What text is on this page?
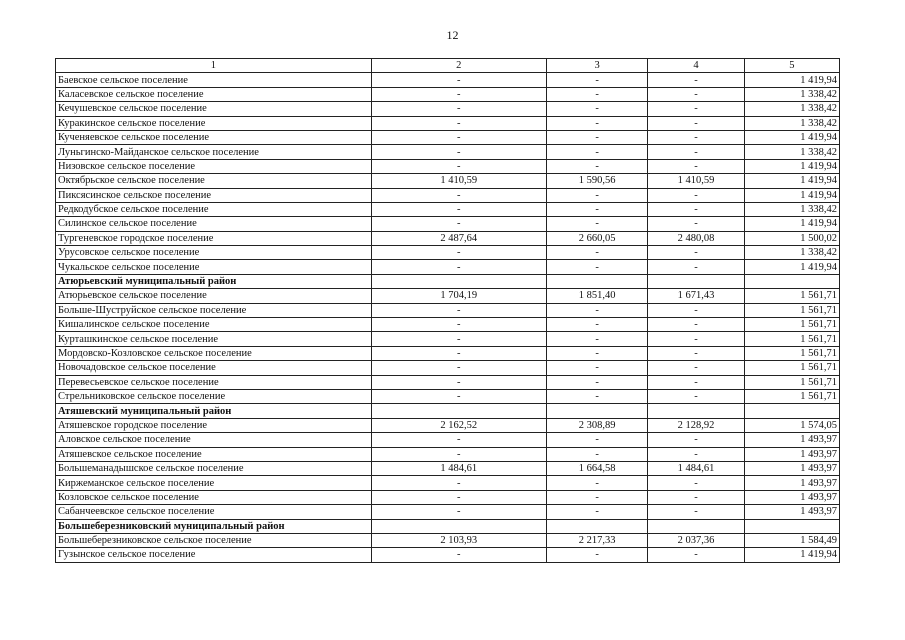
12
1	2	3	4	5
Баевское сельское поселение	-	-	-	1 419,94
Каласевское сельское поселение	-	-	-	1 338,42
Кечушевское сельское поселение	-	-	-	1 338,42
Куракинское сельское поселение	-	-	-	1 338,42
Кученяевское сельское поселение	-	-	-	1 419,94
Луньгинско-Майданское сельское поселение	-	-	-	1 338,42
Низовское сельское поселение	-	-	-	1 419,94
Октябрьское сельское поселение	1 410,59	1 590,56	1 410,59	1 419,94
Пиксясинское сельское поселение	-	-	-	1 419,94
Редкодубское сельское поселение	-	-	-	1 338,42
Силинское сельское поселение	-	-	-	1 419,94
Тургеневское городское поселение	2 487,64	2 660,05	2 480,08	1 500,02
Урусовское сельское поселение	-	-	-	1 338,42
Чукальское сельское поселение	-	-	-	1 419,94
Атюрьевский муниципальный район				
Атюрьевское сельское поселение	1 704,19	1 851,40	1 671,43	1 561,71
Больше-Шуструйское сельское поселение	-	-	-	1 561,71
Кишалинское сельское поселение	-	-	-	1 561,71
Курташкинское сельское поселение	-	-	-	1 561,71
Мордовско-Козловское сельское поселение	-	-	-	1 561,71
Новочадовское сельское поселение	-	-	-	1 561,71
Перевесьевское сельское поселение	-	-	-	1 561,71
Стрельниковское сельское поселение	-	-	-	1 561,71
Атяшевский муниципальный район				
Атяшевское городское поселение	2 162,52	2 308,89	2 128,92	1 574,05
Аловское сельское поселение	-	-	-	1 493,97
Атяшевское сельское поселение	-	-	-	1 493,97
Большеманадышское сельское поселение	1 484,61	1 664,58	1 484,61	1 493,97
Киржеманское сельское поселение	-	-	-	1 493,97
Козловское сельское поселение	-	-	-	1 493,97
Сабанчеевское сельское поселение	-	-	-	1 493,97
Большеберезниковский муниципальный район				
Большеберезниковское сельское поселение	2 103,93	2 217,33	2 037,36	1 584,49
Гузынское сельское поселение	-	-	-	1 419,94
